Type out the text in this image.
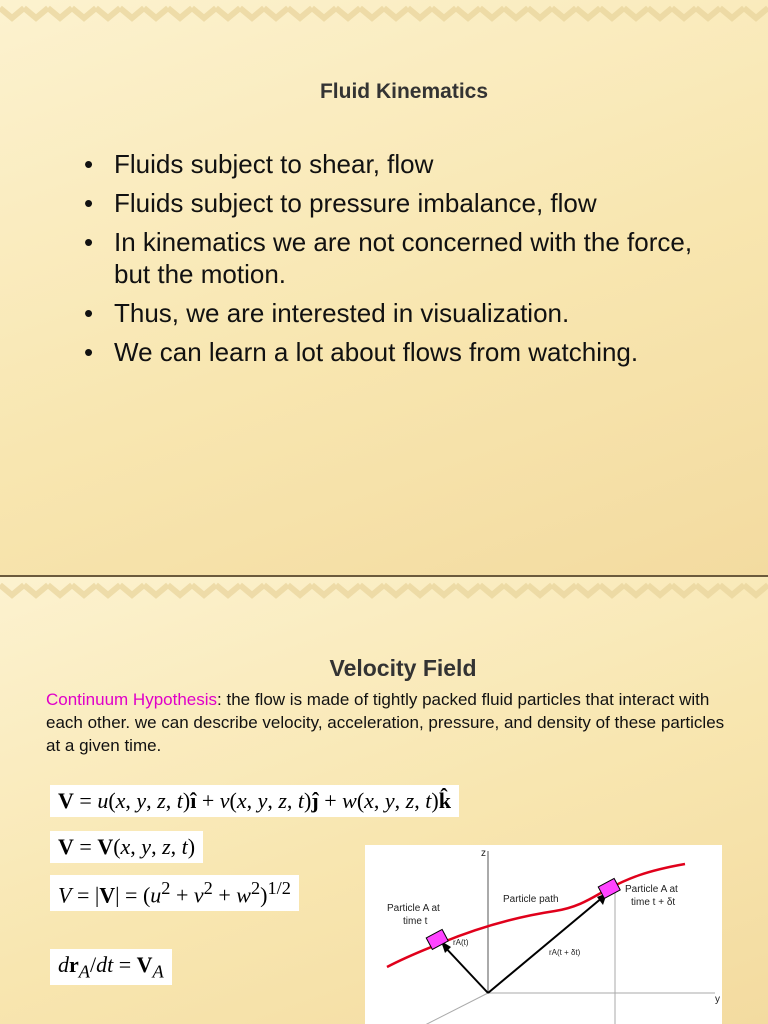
Fluid Kinematics
• Fluids subject to shear, flow
• Fluids subject to pressure imbalance, flow
• In kinematics we are not concerned with the force, but the motion.
• Thus, we are interested in visualization.
• We can learn a lot about flows from watching.
Velocity Field
Continuum Hypothesis: the flow is made of tightly packed fluid particles that interact with each other. we can describe velocity, acceleration, pressure, and density of these particles at a given time.
V = u(x, y, z, t)î + v(x, y, z, t)ĵ + w(x, y, z, t)k̂
V = V(x, y, z, t)
$V = |V| = (u^2 + v^2 + w^2)^{1/2}$
$dr_A/dt = V_A$
z
y
Particle A at
time t
Particle path
Particle A at
time t + δt
rA(t)
rA(t + δt)
